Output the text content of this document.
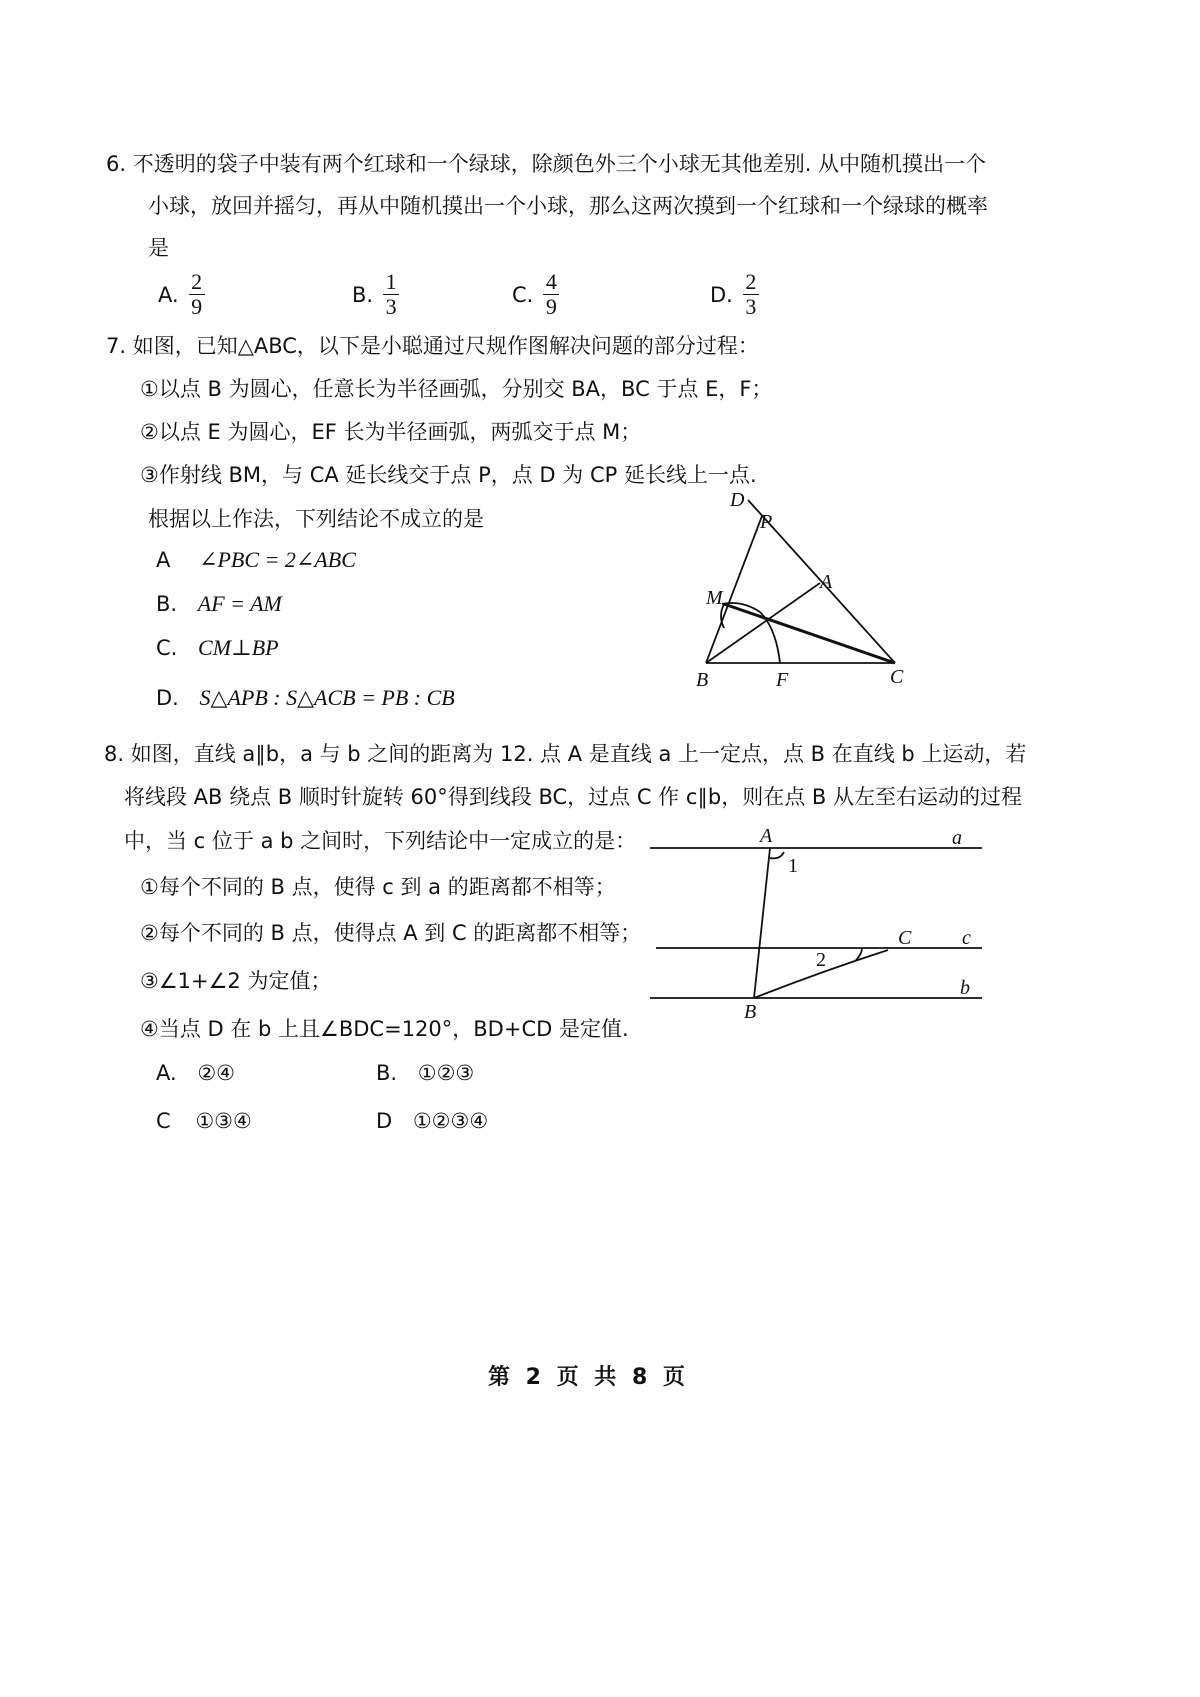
6. 不透明的袋子中装有两个红球和一个绿球，除颜色外三个小球无其他差别. 从中随机摸出一个
小球，放回并摇匀，再从中随机摸出一个小球，那么这两次摸到一个红球和一个绿球的概率
是
A. $\frac{2}{9}$	B. $\frac{1}{3}$	C. $\frac{4}{9}$	D. $\frac{2}{3}$
7. 如图，已知△ABC，以下是小聪通过尺规作图解决问题的部分过程：
①以点 B 为圆心，任意长为半径画弧，分别交 BA，BC 于点 E，F；
②以点 E 为圆心，EF 长为半径画弧，两弧交于点 M；
③作射线 BM，与 CA 延长线交于点 P，点 D 为 CP 延长线上一点.
根据以上作法，下列结论不成立的是
A ∠PBC = 2∠ABC
B. AF = AM
C. CM⊥BP
D. S△APB : S△ACB = PB : CB
D
P
A
M
B	F	C
8. 如图，直线 a∥b，a 与 b 之间的距离为 12. 点 A 是直线 a 上一定点，点 B 在直线 b 上运动，若
将线段 AB 绕点 B 顺时针旋转 60°得到线段 BC，过点 C 作 c∥b，则在点 B 从左至右运动的过程
中，当 c 位于 a b 之间时，下列结论中一定成立的是：
①每个不同的 B 点，使得 c 到 a 的距离都不相等；
②每个不同的 B 点，使得点 A 到 C 的距离都不相等；
③∠1+∠2 为定值；
④当点 D 在 b 上且∠BDC=120°，BD+CD 是定值.
A. ②④	B. ①②③
C ①③④	D ①②③④
A	a
1
C	c
2
B
b
第 2 页 共 8 页
